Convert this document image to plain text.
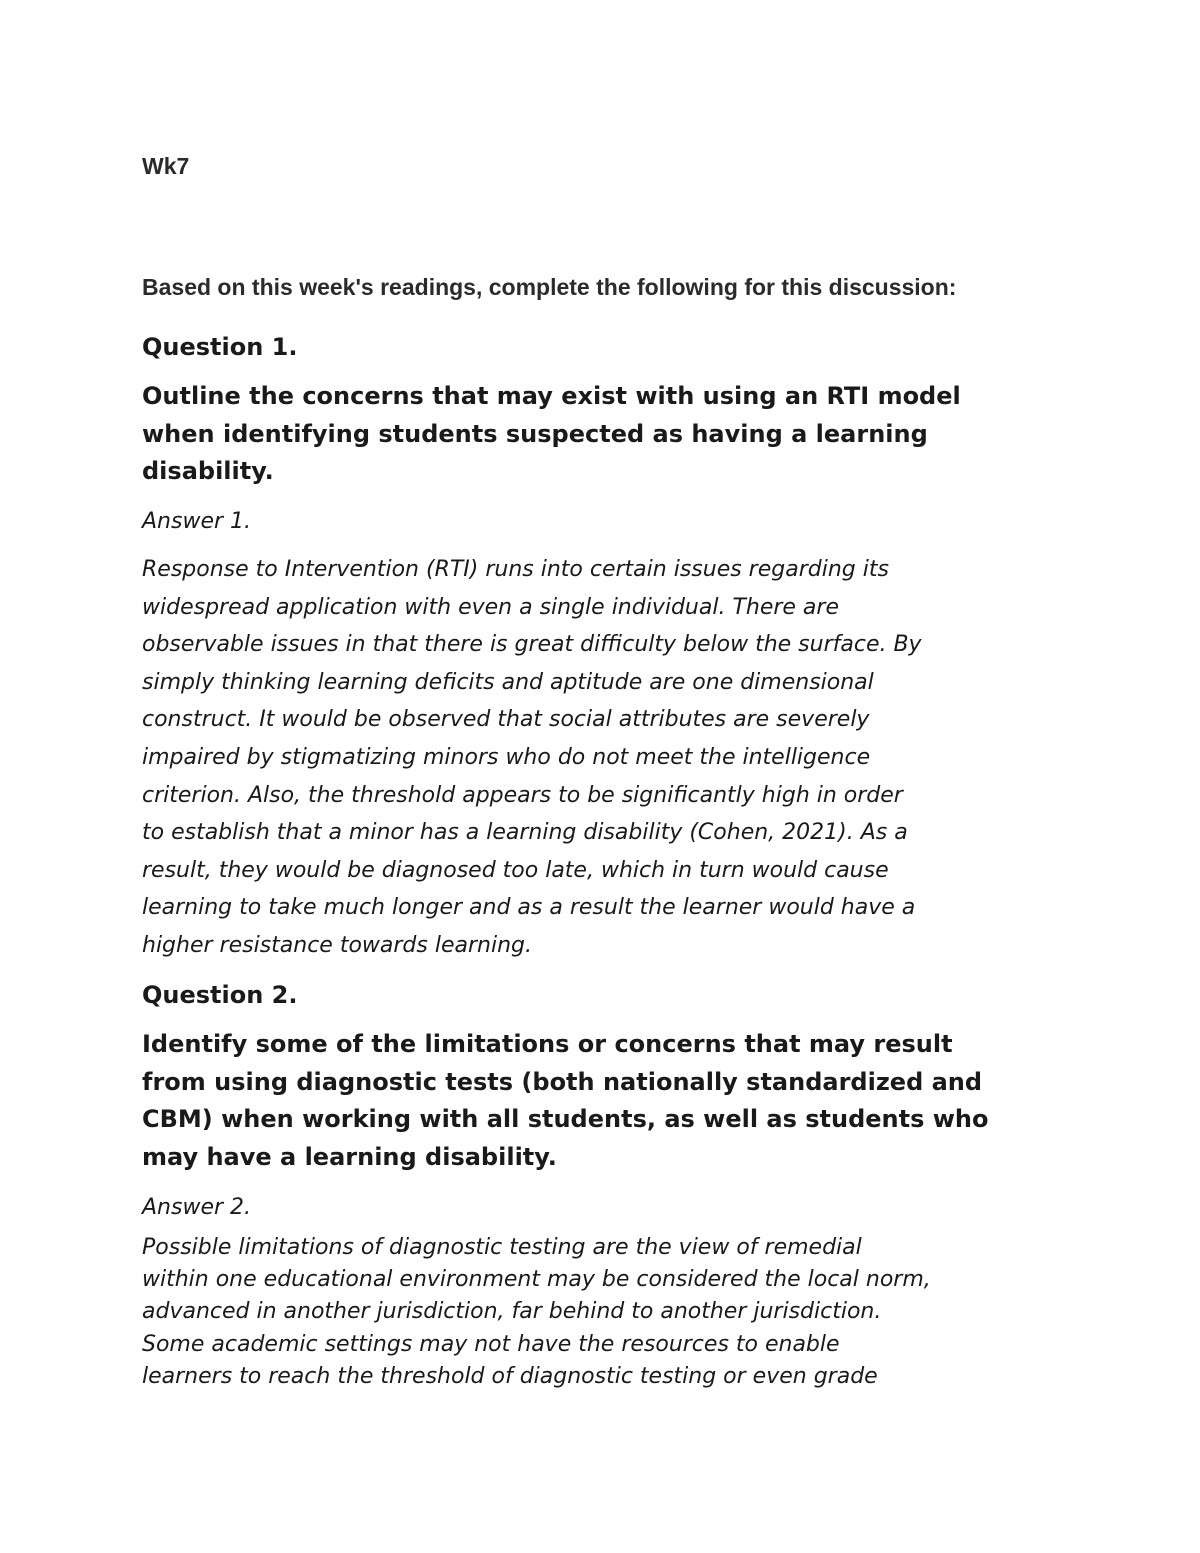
Wk7

Based on this week's readings, complete the following for this discussion:

Question 1.
Outline the concerns that may exist with using an RTI model
when identifying students suspected as having a learning
disability.

Answer 1.

Response to Intervention (RTI) runs into certain issues regarding its
widespread application with even a single individual. There are
observable issues in that there is great difficulty below the surface. By
simply thinking learning deficits and aptitude are one dimensional
construct. It would be observed that social attributes are severely
impaired by stigmatizing minors who do not meet the intelligence
criterion. Also, the threshold appears to be significantly high in order
to establish that a minor has a learning disability (Cohen, 2021). As a
result, they would be diagnosed too late, which in turn would cause
learning to take much longer and as a result the learner would have a
higher resistance towards learning.
Question 2.
Identify some of the limitations or concerns that may result
from using diagnostic tests (both nationally standardized and
CBM) when working with all students, as well as students who
may have a learning disability.

Answer 2.

Possible limitations of diagnostic testing are the view of remedial
within one educational environment may be considered the local norm,
advanced in another jurisdiction, far behind to another jurisdiction.
Some academic settings may not have the resources to enable
learners to reach the threshold of diagnostic testing or even grade
